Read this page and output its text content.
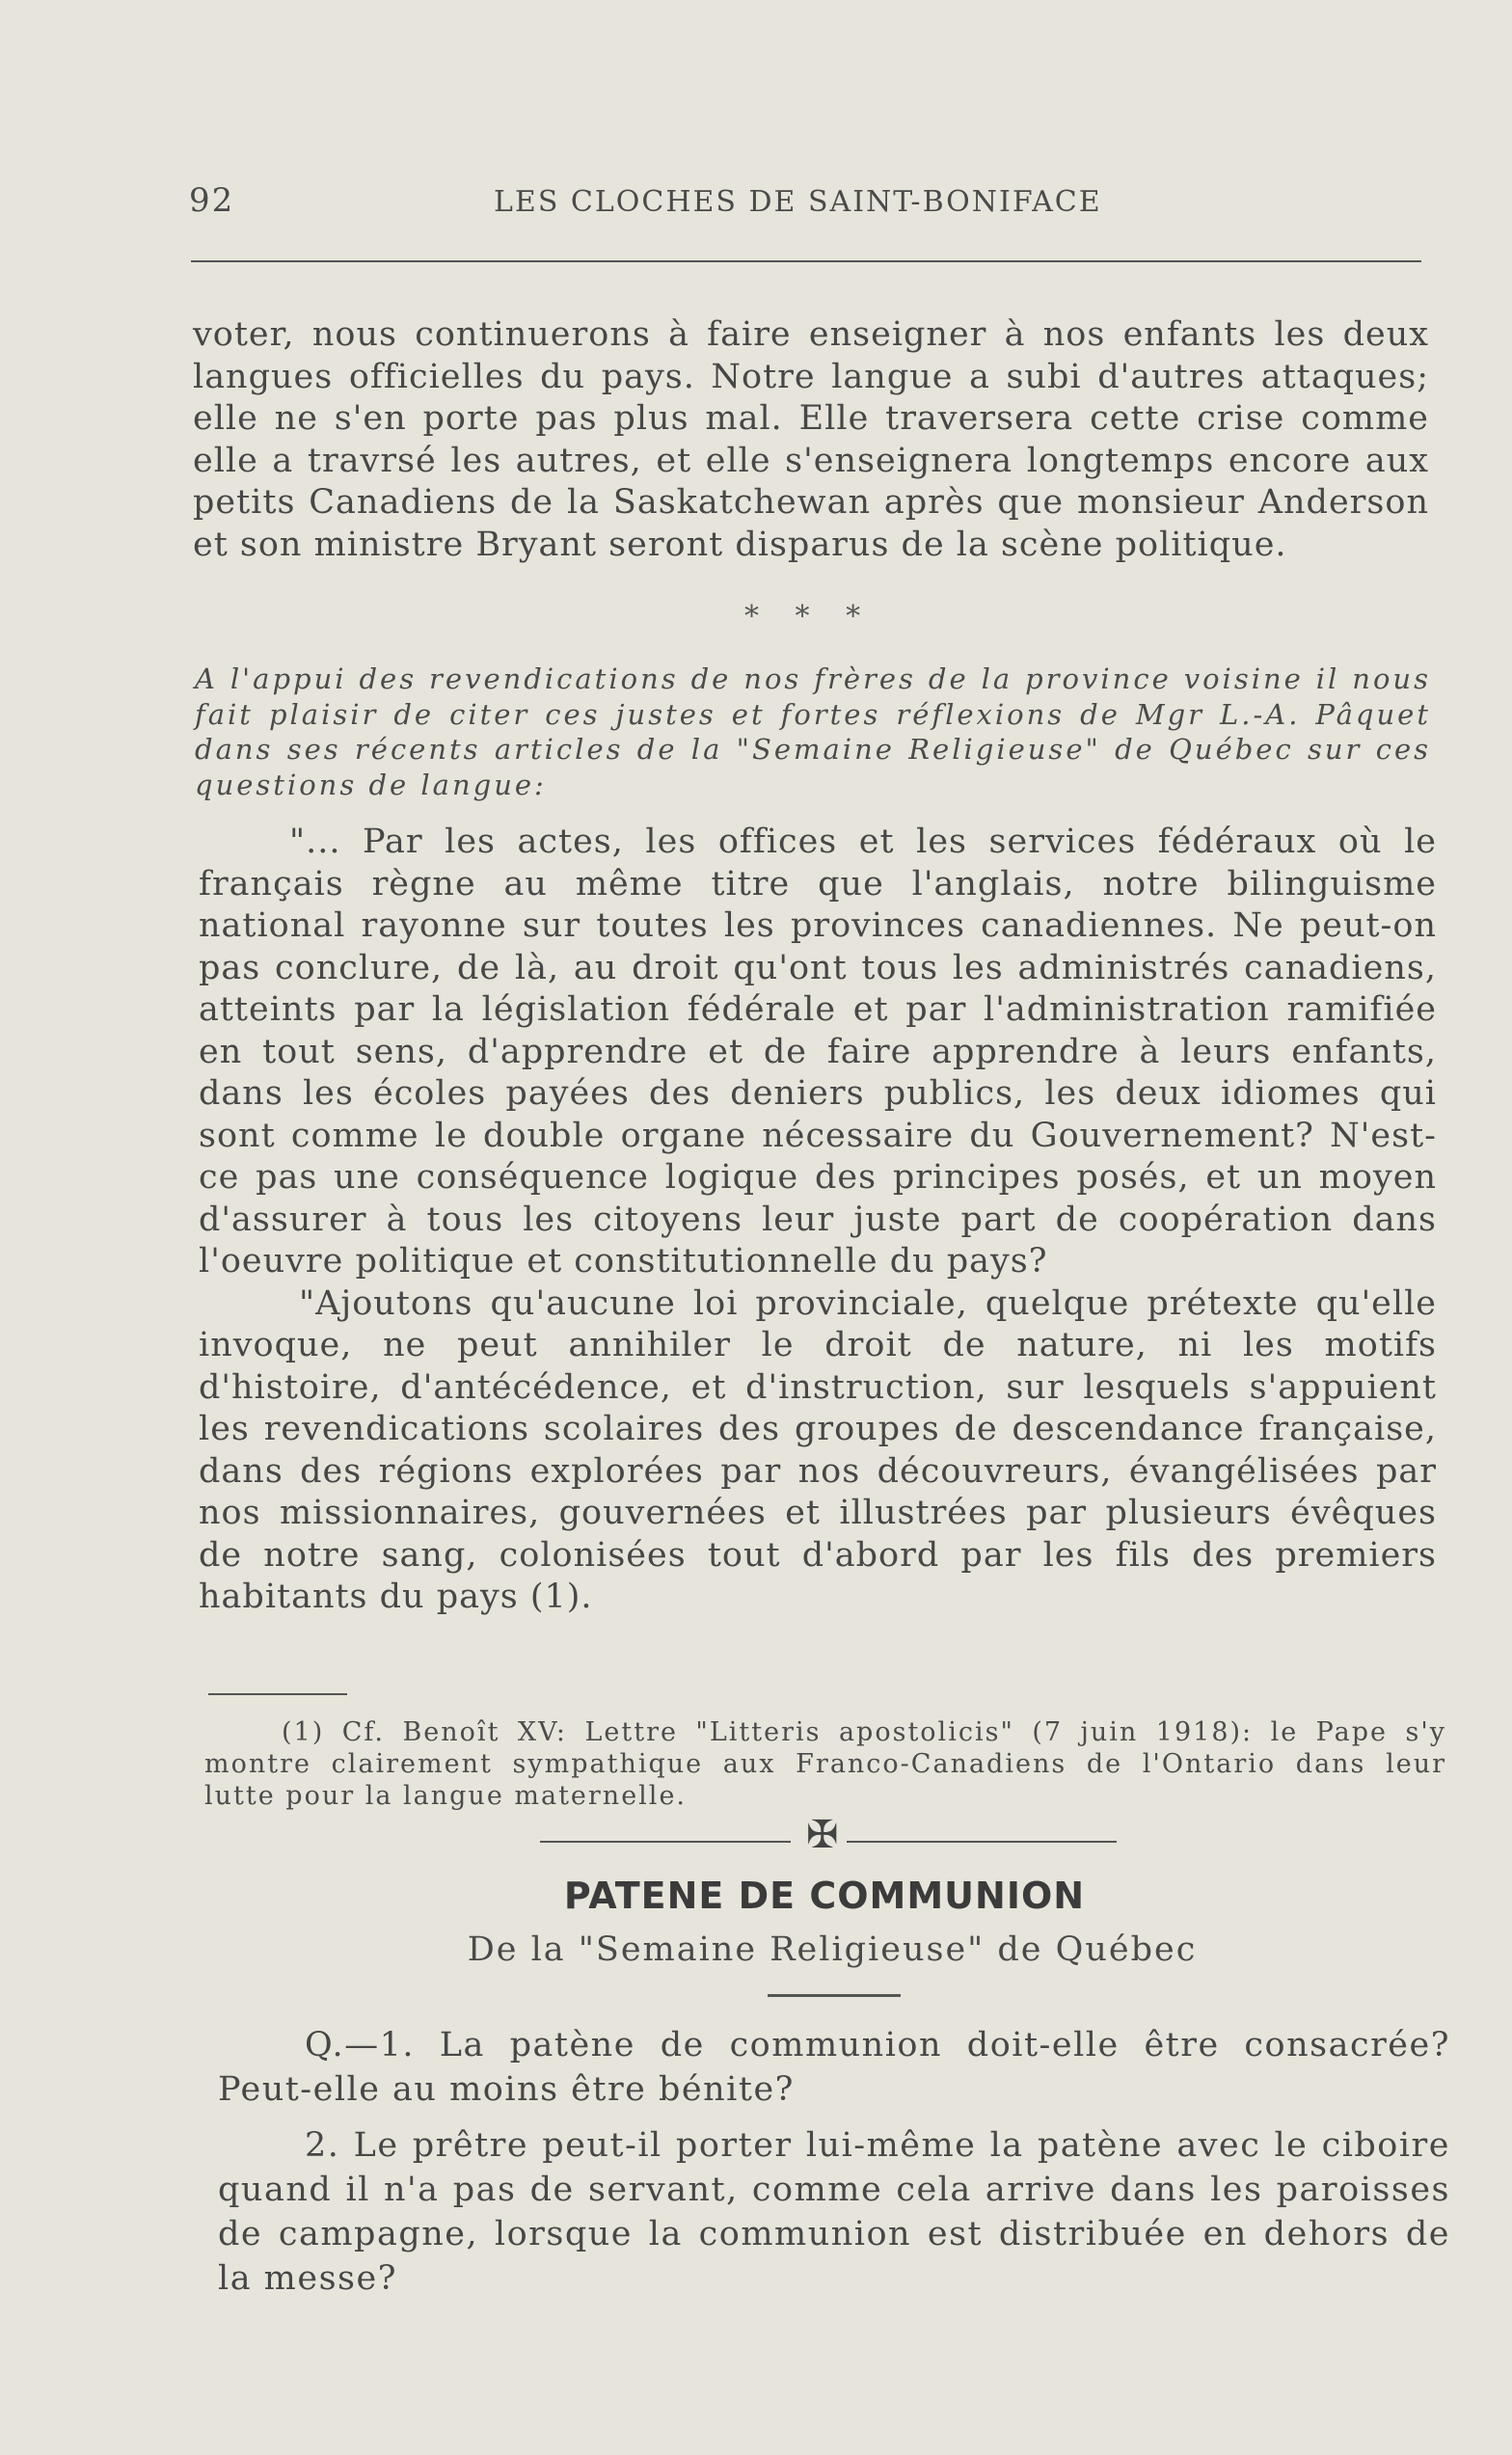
92	LES CLOCHES DE SAINT-BONIFACE

voter, nous continuerons à faire enseigner à nos enfants les deux langues officielles du pays. Notre langue a subi d'autres attaques; elle ne s'en porte pas plus mal. Elle traversera cette crise comme elle a travrsé les autres, et elle s'enseignera longtemps encore aux petits Canadiens de la Saskatchewan après que monsieur Anderson et son ministre Bryant seront disparus de la scène politique.

* * *

A l'appui des revendications de nos frères de la province voisine il nous fait plaisir de citer ces justes et fortes réflexions de Mgr L.-A. Pâquet dans ses récents articles de la "Semaine Religieuse" de Québec sur ces questions de langue:

"... Par les actes, les offices et les services fédéraux où le français règne au même titre que l'anglais, notre bilinguisme national rayonne sur toutes les provinces canadiennes. Ne peut-on pas conclure, de là, au droit qu'ont tous les administrés canadiens, atteints par la législation fédérale et par l'administration ramifiée en tout sens, d'apprendre et de faire apprendre à leurs enfants, dans les écoles payées des deniers publics, les deux idiomes qui sont comme le double organe nécessaire du Gouvernement? N'est-ce pas une conséquence logique des principes posés, et un moyen d'assurer à tous les citoyens leur juste part de coopération dans l'oeuvre politique et constitutionnelle du pays?

"Ajoutons qu'aucune loi provinciale, quelque prétexte qu'elle invoque, ne peut annihiler le droit de nature, ni les motifs d'histoire, d'antécédence, et d'instruction, sur lesquels s'appuient les revendications scolaires des groupes de descendance française, dans des régions explorées par nos découvreurs, évangélisées par nos missionnaires, gouvernées et illustrées par plusieurs évêques de notre sang, colonisées tout d'abord par les fils des premiers habitants du pays (1).

(1) Cf. Benoît XV: Lettre "Litteris apostolicis" (7 juin 1918): le Pape s'y montre clairement sympathique aux Franco-Canadiens de l'Ontario dans leur lutte pour la langue maternelle.

✠
PATENE DE COMMUNION
De la "Semaine Religieuse" de Québec

Q.—1. La patène de communion doit-elle être consacrée? Peut-elle au moins être bénite?

2. Le prêtre peut-il porter lui-même la patène avec le ciboire quand il n'a pas de servant, comme cela arrive dans les paroisses de campagne, lorsque la communion est distribuée en dehors de la messe?
